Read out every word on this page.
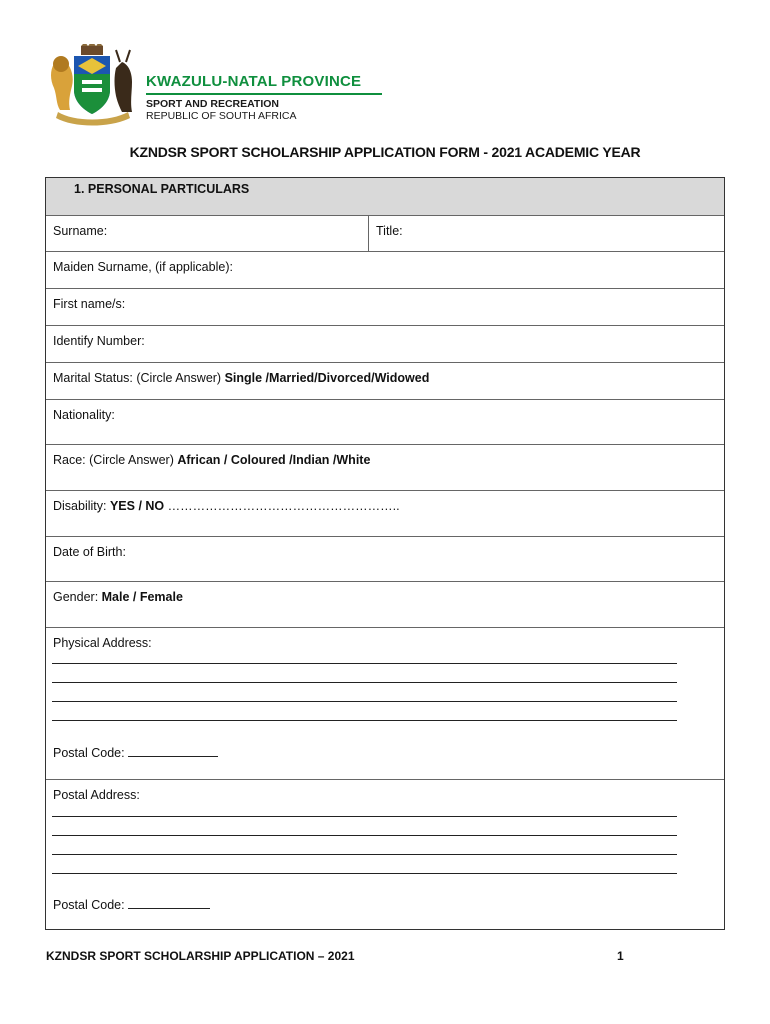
KWAZULU-NATAL PROVINCE
SPORT AND RECREATION
REPUBLIC OF SOUTH AFRICA
KZNDSR SPORT SCHOLARSHIP APPLICATION FORM - 2021 ACADEMIC YEAR
1. PERSONAL PARTICULARS
Surname:	Title:
Maiden Surname, (if applicable):
First name/s:
Identify Number:
Marital Status: (Circle Answer) Single /Married/Divorced/Widowed
Nationality:
Race: (Circle Answer) African / Coloured /Indian /White
Disability: YES / NO ………………………………………………..
Date of Birth:
Gender: Male / Female
Physical Address:
Postal Code:
Postal Address:
Postal Code:
KZNDSR SPORT SCHOLARSHIP APPLICATION – 2021	1
